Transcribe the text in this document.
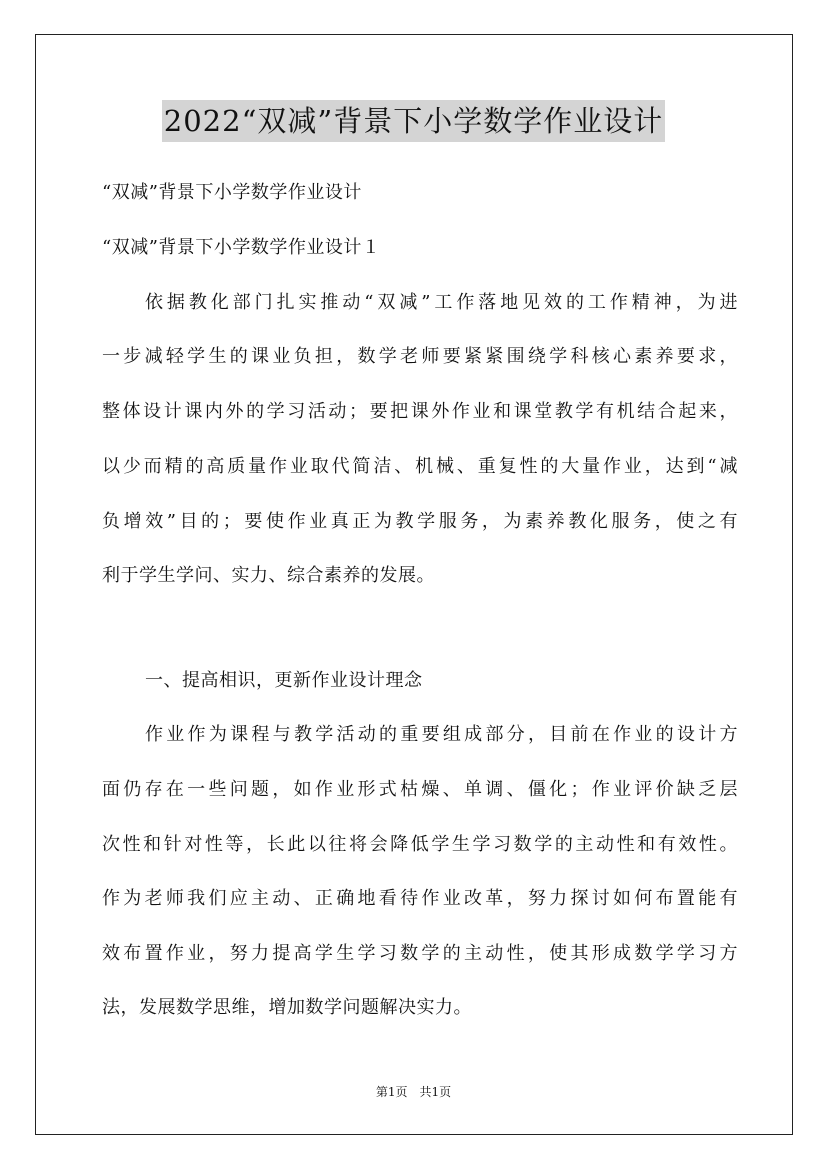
2022“双减”背景下小学数学作业设计
“双减”背景下小学数学作业设计
“双减”背景下小学数学作业设计１
依据教化部门扎实推动“双减”工作落地见效的工作精神，为进
一步减轻学生的课业负担，数学老师要紧紧围绕学科核心素养要求，
整体设计课内外的学习活动；要把课外作业和课堂教学有机结合起来，
以少而精的高质量作业取代简洁、机械、重复性的大量作业，达到“减
负增效”目的；要使作业真正为教学服务，为素养教化服务，使之有
利于学生学问、实力、综合素养的发展。
一、提高相识，更新作业设计理念
作业作为课程与教学活动的重要组成部分，目前在作业的设计方
面仍存在一些问题，如作业形式枯燥、单调、僵化；作业评价缺乏层
次性和针对性等，长此以往将会降低学生学习数学的主动性和有效性。
作为老师我们应主动、正确地看待作业改革，努力探讨如何布置能有
效布置作业，努力提高学生学习数学的主动性，使其形成数学学习方
法，发展数学思维，增加数学问题解决实力。
第1页　共1页
